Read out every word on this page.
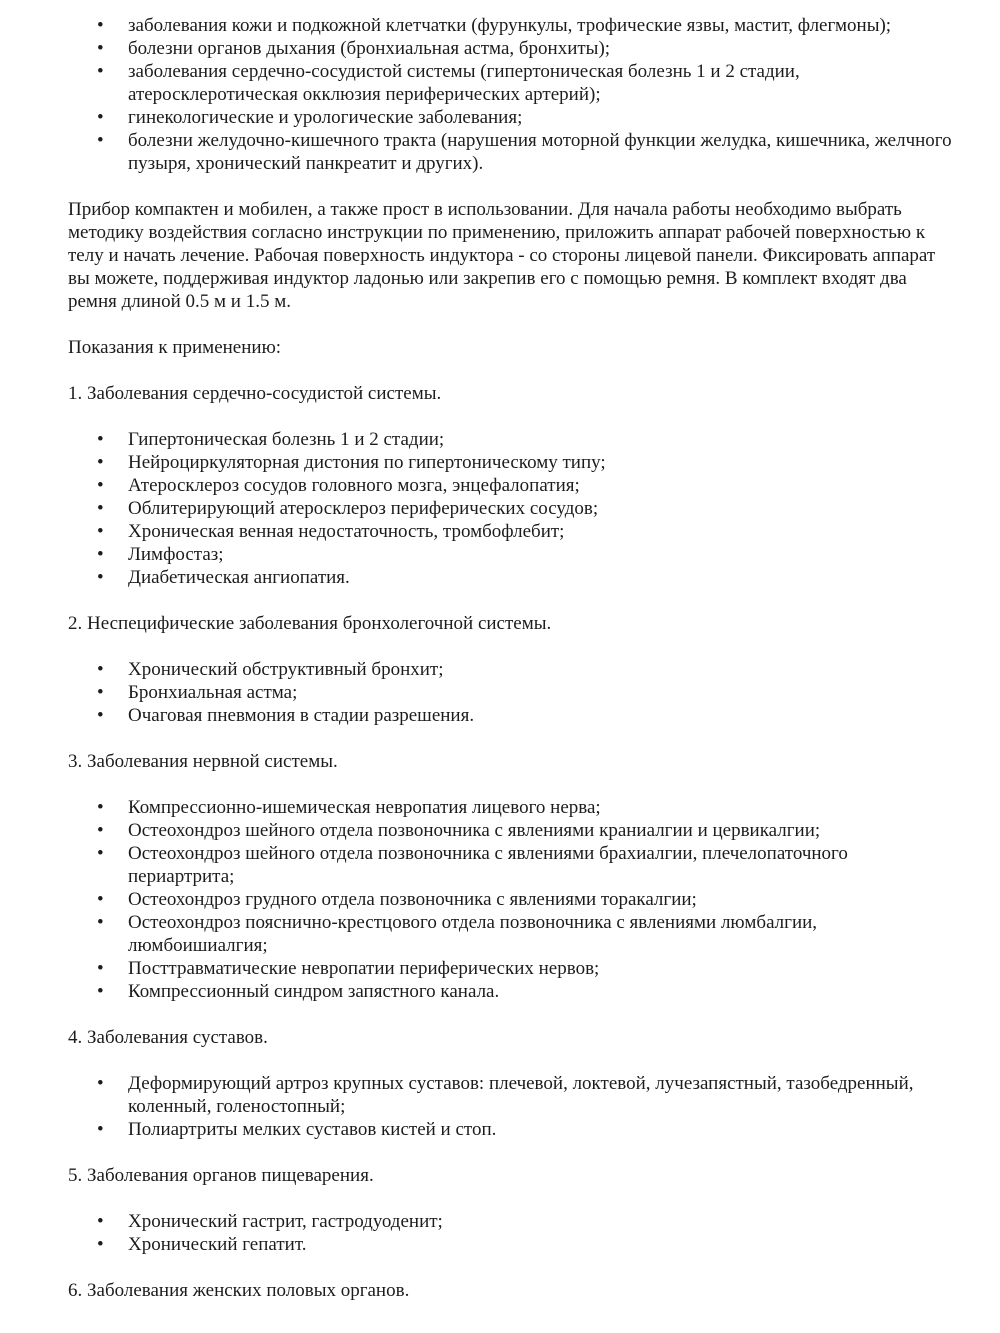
• заболевания кожи и подкожной клетчатки (фурункулы, трофические язвы, мастит, флегмоны);
• болезни органов дыхания (бронхиальная астма, бронхиты);
• заболевания сердечно-сосудистой системы (гипертоническая болезнь 1 и 2 стадии, атеросклеротическая окклюзия периферических артерий);
• гинекологические и урологические заболевания;
• болезни желудочно-кишечного тракта (нарушения моторной функции желудка, кишечника, желчного пузыря, хронический панкреатит и других).

Прибор компактен и мобилен, а также прост в использовании. Для начала работы необходимо выбрать методику воздействия согласно инструкции по применению, приложить аппарат рабочей поверхностью к телу и начать лечение. Рабочая поверхность индуктора - со стороны лицевой панели. Фиксировать аппарат вы можете, поддерживая индуктор ладонью или закрепив его с помощью ремня. В комплект входят два ремня длиной 0.5 м и 1.5 м.

Показания к применению:

1. Заболевания сердечно-сосудистой системы.

• Гипертоническая болезнь 1 и 2 стадии;
• Нейроциркуляторная дистония по гипертоническому типу;
• Атеросклероз сосудов головного мозга, энцефалопатия;
• Облитерирующий атеросклероз периферических сосудов;
• Хроническая венная недостаточность, тромбофлебит;
• Лимфостаз;
• Диабетическая ангиопатия.

2. Неспецифические заболевания бронхолегочной системы.

• Хронический обструктивный бронхит;
• Бронхиальная астма;
• Очаговая пневмония в стадии разрешения.

3. Заболевания нервной системы.

• Компрессионно-ишемическая невропатия лицевого нерва;
• Остеохондроз шейного отдела позвоночника с явлениями краниалгии и цервикалгии;
• Остеохондроз шейного отдела позвоночника с явлениями брахиалгии, плечелопаточного периартрита;
• Остеохондроз грудного отдела позвоночника с явлениями торакалгии;
• Остеохондроз пояснично-крестцового отдела позвоночника с явлениями люмбалгии, люмбоишиалгия;
• Посттравматические невропатии периферических нервов;
• Компрессионный синдром запястного канала.

4. Заболевания суставов.

• Деформирующий артроз крупных суставов: плечевой, локтевой, лучезапястный, тазобедренный, коленный, голеностопный;
• Полиартриты мелких суставов кистей и стоп.

5. Заболевания органов пищеварения.

• Хронический гастрит, гастродуоденит;
• Хронический гепатит.

6. Заболевания женских половых органов.
